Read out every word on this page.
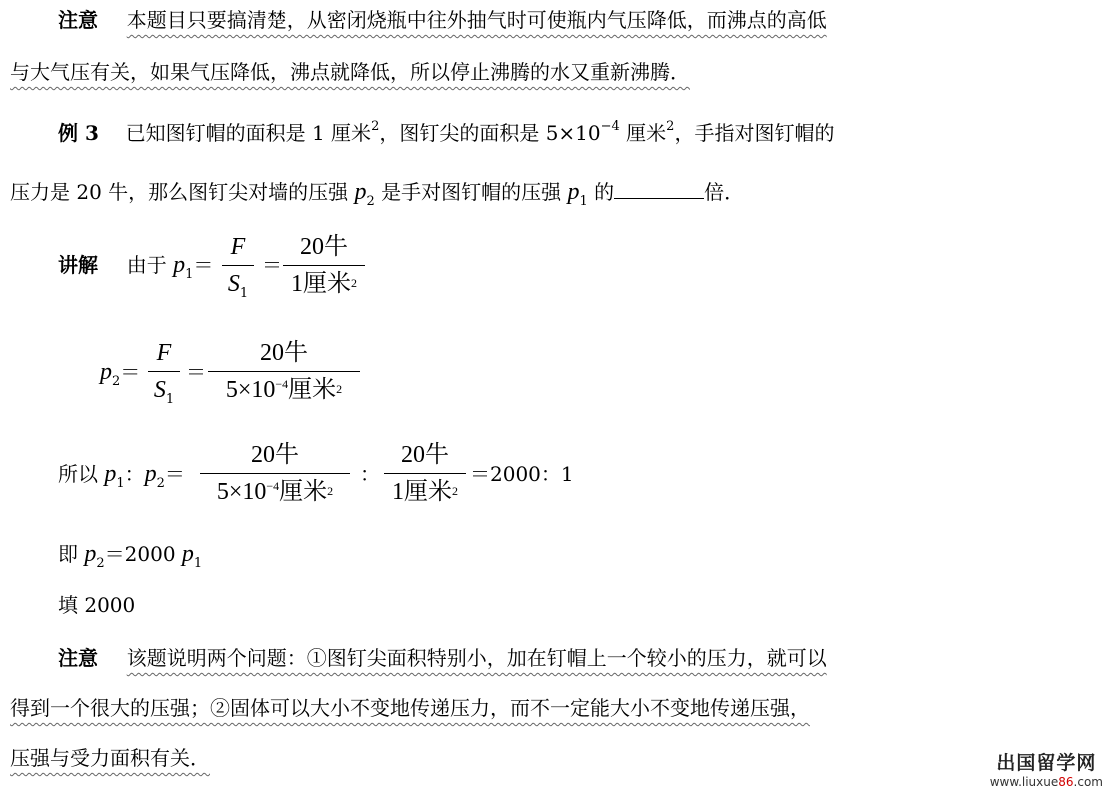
注意 本题目只要搞清楚，从密闭烧瓶中往外抽气时可使瓶内气压降低，而沸点的高低
与大气压有关，如果气压降低，沸点就降低，所以停止沸腾的水又重新沸腾．
例 3 已知图钉帽的面积是 1 厘米$^2$，图钉尖的面积是 $5\times 10^{-4}$ 厘米$^2$，手指对图钉帽的
压力是 20 牛，那么图钉尖对墙的压强 $p_2$ 是手对图钉帽的压强 $p_1$ 的	倍．
讲解 由于 $p_1=$
F
$S_1$
＝
20牛
1厘米2
$p_2=$
F
$S_1$
＝
20牛
$5\times 10^{-4}$厘米2
所以 $p_1$：$p_2=$
20牛
$5\times 10^{-4}$厘米2
：
20牛
1厘米2
＝2000：1
即 $p_2=2000$ $p_1$
填 2000
注意 该题说明两个问题：①图钉尖面积特别小，加在钉帽上一个较小的压力，就可以
得到一个很大的压强；②固体可以大小不变地传递压力，而不一定能大小不变地传递压强，
压强与受力面积有关．	出国留学网
www.liuxue86.com
